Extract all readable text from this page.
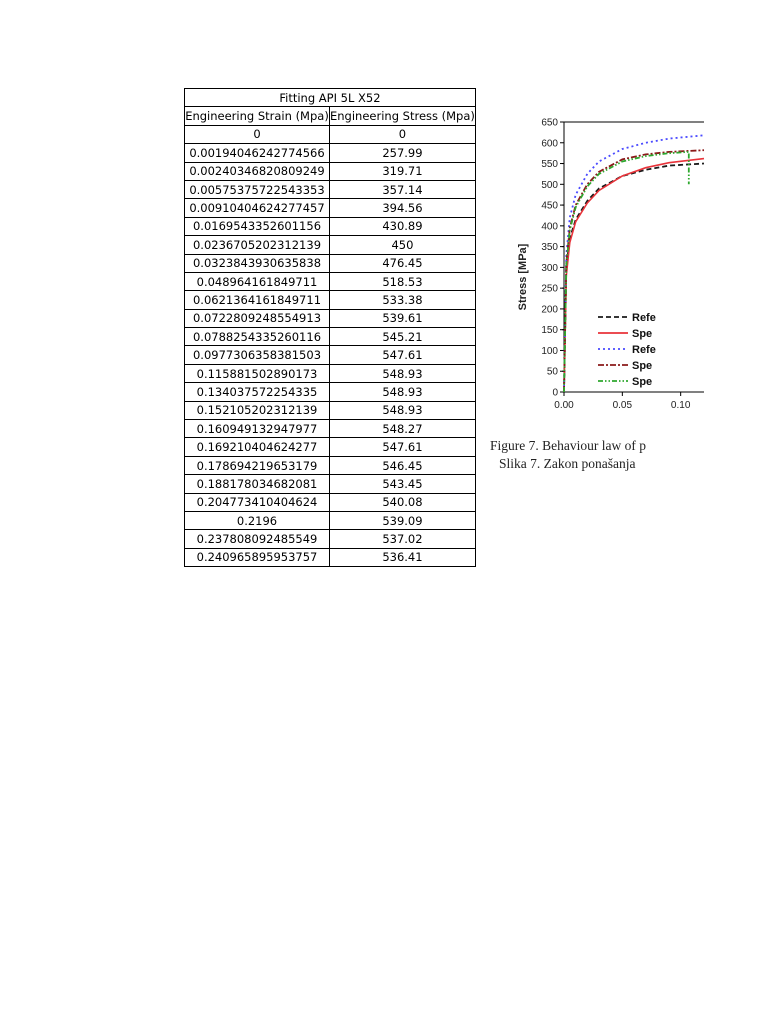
Fitting API 5L X52	
Engineering Strain (Mpa)	Engineering Stress (Mpa)
0	0
0.00194046242774566	257.99
0.00240346820809249	319.71
0.00575375722543353	357.14
0.00910404624277457	394.56
0.0169543352601156	430.89
0.0236705202312139	450
0.0323843930635838	476.45
0.048964161849711	518.53
0.0621364161849711	533.38
0.0722809248554913	539.61
0.0788254335260116	545.21
0.0977306358381503	547.61
0.115881502890173	548.93
0.134037572254335	548.93
0.152105202312139	548.93
0.160949132947977	548.27
0.169210404624277	547.61
0.178694219653179	546.45
0.188178034682081	543.45
0.204773410404624	540.08
0.2196	539.09
0.237808092485549	537.02
0.240965895953757	536.41
650
600
550
500
450
400
350
300
250
200
150
100
50
0
0.00	0.05	0.10
Stress [MPa]
Refe
Spe
Refe
Spe
Spe
Figure 7. Behaviour law of p
Slika 7. Zakon ponašanja
